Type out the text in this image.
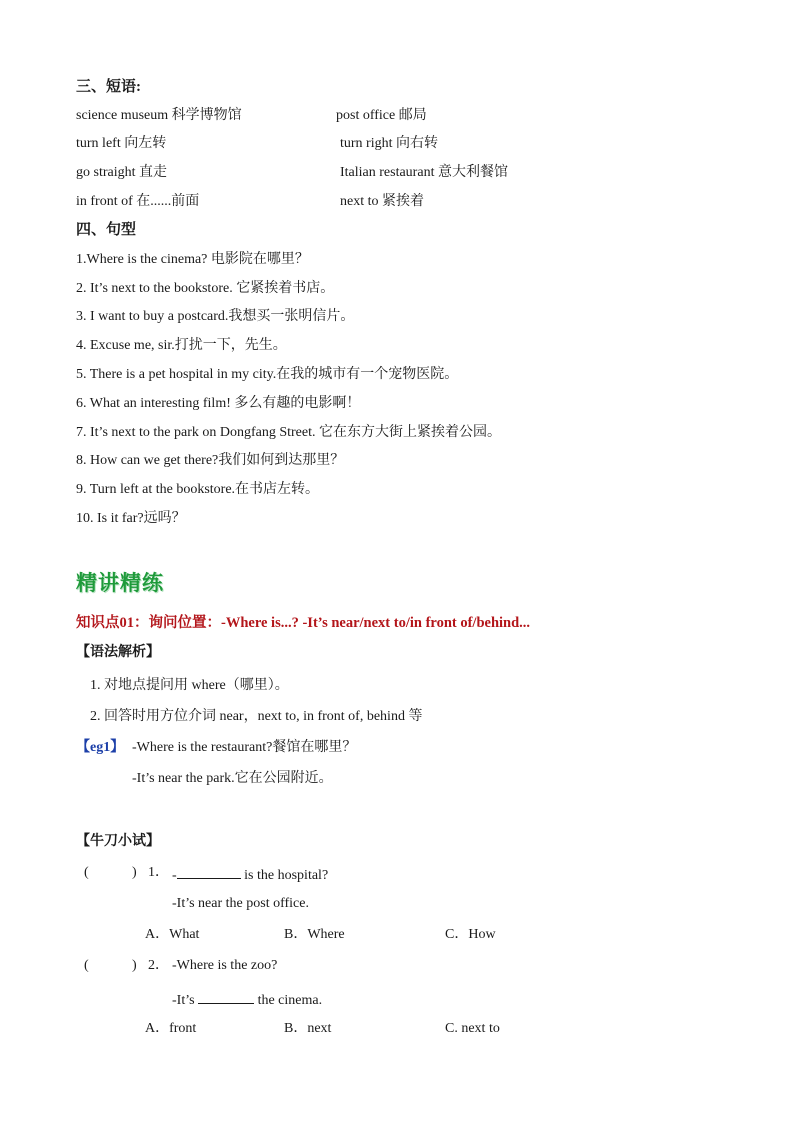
三、短语:
science museum 科学博物馆	post office 邮局
turn left 向左转	turn right 向右转
go straight 直走	Italian restaurant 意大利餐馆
in front of 在......前面	next to 紧挨着
四、句型
1.Where is the cinema? 电影院在哪里？
2. It’s next to the bookstore. 它紧挨着书店。
3. I want to buy a postcard.我想买一张明信片。
4. Excuse me, sir.打扰一下，先生。
5. There is a pet hospital in my city.在我的城市有一个宠物医院。
6. What an interesting film! 多么有趣的电影啊！
7. It’s next to the park on Dongfang Street. 它在东方大街上紧挨着公园。
8. How can we get there?我们如何到达那里？
9. Turn left at the bookstore.在书店左转。
10. Is it far?远吗？
精讲精练
知识点01：询问位置：-Where is...? -It’s near/next to/in front of/behind...
【语法解析】
1. 对地点提问用 where（哪里）。
2. 回答时用方位介词 near，next to, in front of, behind 等
【eg1】 -Where is the restaurant?餐馆在哪里？
-It’s near the park.它在公园附近。
【牛刀小试】
(	) 1． -	is the hospital?
-It’s near the post office.
A．What	B．Where	C．How
(	) 2． -Where is the zoo?
-It’s	the cinema.
A．front	B．next	C. next to
